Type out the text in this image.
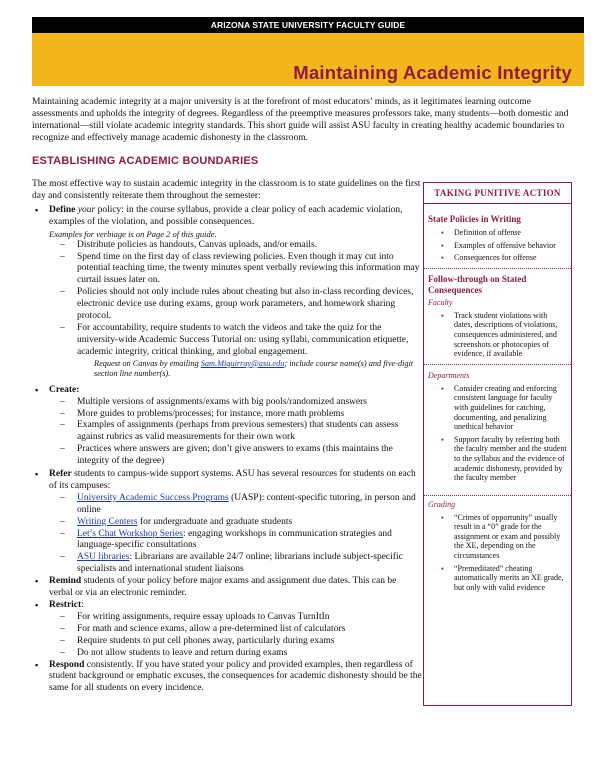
ARIZONA STATE UNIVERSITY FACULTY GUIDE
Maintaining Academic Integrity
Maintaining academic integrity at a major university is at the forefront of most educators’ minds, as it legitimates learning outcome assessments and upholds the integrity of degrees. Regardless of the preemptive measures professors take, many students—both domestic and international—still violate academic integrity standards. This short guide will assist ASU faculty in creating healthy academic boundaries to recognize and effectively manage academic dishonesty in the classroom.
ESTABLISHING ACADEMIC BOUNDARIES

The most effective way to sustain academic integrity in the classroom is to state guidelines on the first day and consistently reiterate them throughout the semester:

▪ Define your policy: in the course syllabus, provide a clear policy of each academic violation, examples of the violation, and possible consequences.

Examples for verbiage is on Page 2 of this guide.

– Distribute policies as handouts, Canvas uploads, and/or emails.

– Spend time on the first day of class reviewing policies. Even though it may cut into potential teaching time, the twenty minutes spent verbally reviewing this information may curtail issues later on.

– Policies should not only include rules about cheating but also in-class recording devices, electronic device use during exams, group work parameters, and homework sharing protocol.

– For accountability, require students to watch the videos and take the quiz for the university-wide Academic Success Tutorial on: using syllabi, communication etiquette, academic integrity, critical thinking, and global engagement.

Request on Canvas by emailing Sam.Miquirray@asu.edu; include course name(s) and five-digit section line number(s).

▪ Create:

– Multiple versions of assignments/exams with big pools/randomized answers

– More guides to problems/processes; for instance, more math problems

– Examples of assignments (perhaps from previous semesters) that students can assess against rubrics as valid measurements for their own work

– Practices where answers are given; don’t give answers to exams (this maintains the integrity of the degree)

▪ Refer students to campus-wide support systems. ASU has several resources for students on each of its campuses:

– University Academic Success Programs (UASP): content-specific tutoring, in person and online

– Writing Centers for undergraduate and graduate students

– Let’s Chat Workshop Series: engaging workshops in communication strategies and language-specific consultations

– ASU libraries: Librarians are available 24/7 online; librarians include subject-specific specialists and international student liaisons

▪ Remind students of your policy before major exams and assignment due dates. This can be verbal or via an electronic reminder.

▪ Restrict:

– For writing assignments, require essay uploads to Canvas TurnItIn

– For math and science exams, allow a pre-determined list of calculators

– Require students to put cell phones away, particularly during exams

– Do not allow students to leave and return during exams

▪ Respond consistently. If you have stated your policy and provided examples, then regardless of student background or emphatic excuses, the consequences for academic dishonesty should be the same for all students on every incidence.

TAKING PUNITIVE ACTION
State Policies in Writing
▪ Definition of offense
▪ Examples of offensive behavior
▪ Consequences for offense
Follow-through on Stated Consequences
Faculty
▪ Track student violations with dates, descriptions of violations, consequences administered, and screenshots or photocopies of evidence, if available
Departments
▪ Consider creating and enforcing consistent language for faculty with guidelines for catching, documenting, and penalizing unethical behavior
▪ Support faculty by referring both the faculty member and the student to the syllabus and the evidence of academic dishonesty, provided by the faculty member
Grading
▪ “Crimes of opportunity” usually result in a “0” grade for the assignment or exam and possibly the XE, depending on the circumstances
▪ “Premeditated” cheating automatically merits an XE grade, but only with valid evidence
